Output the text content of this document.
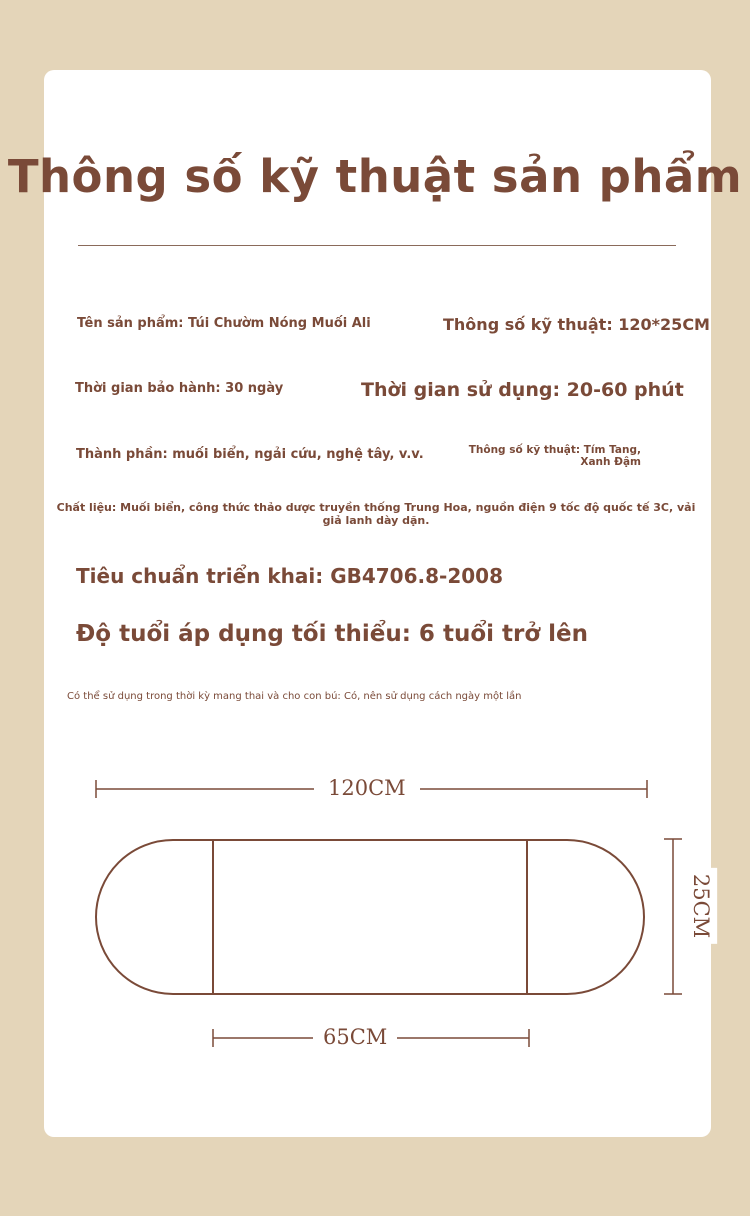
Thông số kỹ thuật sản phẩm
Tên sản phẩm: Túi Chườm Nóng Muối Ali	Thông số kỹ thuật: 120*25CM
Thời gian bảo hành: 30 ngày	Thời gian sử dụng: 20-60 phút
Thành phần: muối biển, ngải cứu, nghệ tây, v.v.	Thông số kỹ thuật: Tím Tang, Xanh Đậm
Chất liệu: Muối biển, công thức thảo dược truyền thống Trung Hoa, nguồn điện 9 tốc độ quốc tế 3C, vải giả lanh dày dặn.
Tiêu chuẩn triển khai: GB4706.8-2008
Độ tuổi áp dụng tối thiểu: 6 tuổi trở lên
Có thể sử dụng trong thời kỳ mang thai và cho con bú: Có, nên sử dụng cách ngày một lần
120CM
25CM
65CM
